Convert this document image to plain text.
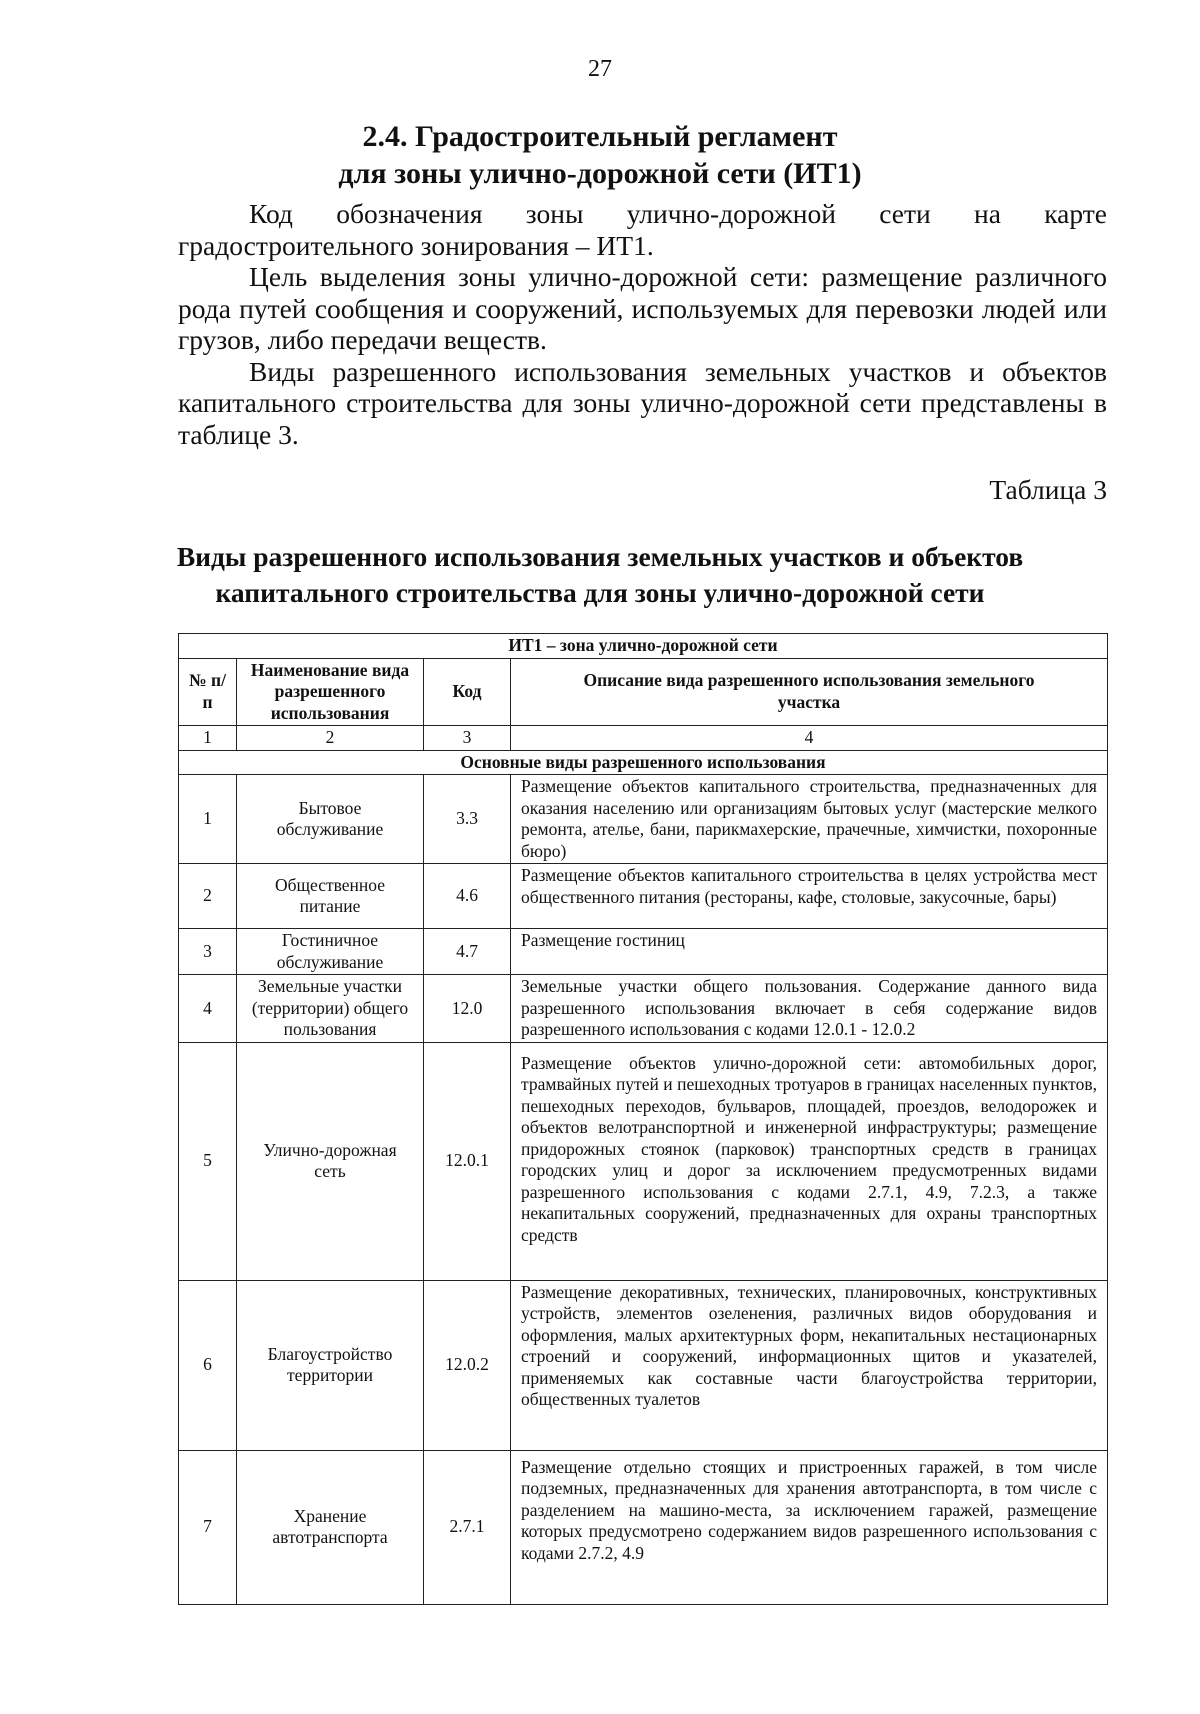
27
2.4. Градостроительный регламент
для зоны улично-дорожной сети (ИТ1)

Код обозначения зоны улично-дорожной сети на карте градостроительного зонирования – ИТ1.

Цель выделения зоны улично-дорожной сети: размещение различного рода путей сообщения и сооружений, используемых для перевозки людей или грузов, либо передачи веществ.

Виды разрешенного использования земельных участков и объектов капитального строительства для зоны улично-дорожной сети представлены в таблице 3.

Таблица 3
Виды разрешенного использования земельных участков и объектов
капитального строительства для зоны улично-дорожной сети
ИТ1 – зона улично-дорожной сети			
№ п/п	Наименование вида разрешенного использования	Код	Описание вида разрешенного использования земельного участка
1	2	3	4
Основные виды разрешенного использования			
1	Бытовое обслуживание	3.3	Размещение объектов капитального строительства, предназначенных для оказания населению или организациям бытовых услуг (мастерские мелкого ремонта, ателье, бани, парикмахерские, прачечные, химчистки, похоронные бюро)
2	Общественное питание	4.6	Размещение объектов капитального строительства в целях устройства мест общественного питания (рестораны, кафе, столовые, закусочные, бары)
3	Гостиничное обслуживание	4.7	Размещение гостиниц
4	Земельные участки (территории) общего пользования	12.0	Земельные участки общего пользования. Содержание данного вида разрешенного использования включает в себя содержание видов разрешенного использования с кодами 12.0.1 - 12.0.2
5	Улично-дорожная сеть	12.0.1	Размещение объектов улично-дорожной сети: автомобильных дорог, трамвайных путей и пешеходных тротуаров в границах населенных пунктов, пешеходных переходов, бульваров, площадей, проездов, велодорожек и объектов велотранспортной и инженерной инфраструктуры; размещение придорожных стоянок (парковок) транспортных средств в границах городских улиц и дорог за исключением предусмотренных видами разрешенного использования с кодами 2.7.1, 4.9, 7.2.3, а также некапитальных сооружений, предназначенных для охраны транспортных средств
6	Благоустройство территории	12.0.2	Размещение декоративных, технических, планировочных, конструктивных устройств, элементов озеленения, различных видов оборудования и оформления, малых архитектурных форм, некапитальных нестационарных строений и сооружений, информационных щитов и указателей, применяемых как составные части благоустройства территории, общественных туалетов
7	Хранение автотранспорта	2.7.1	Размещение отдельно стоящих и пристроенных гаражей, в том числе подземных, предназначенных для хранения автотранспорта, в том числе с разделением на машино-места, за исключением гаражей, размещение которых предусмотрено содержанием видов разрешенного использования с кодами 2.7.2, 4.9
